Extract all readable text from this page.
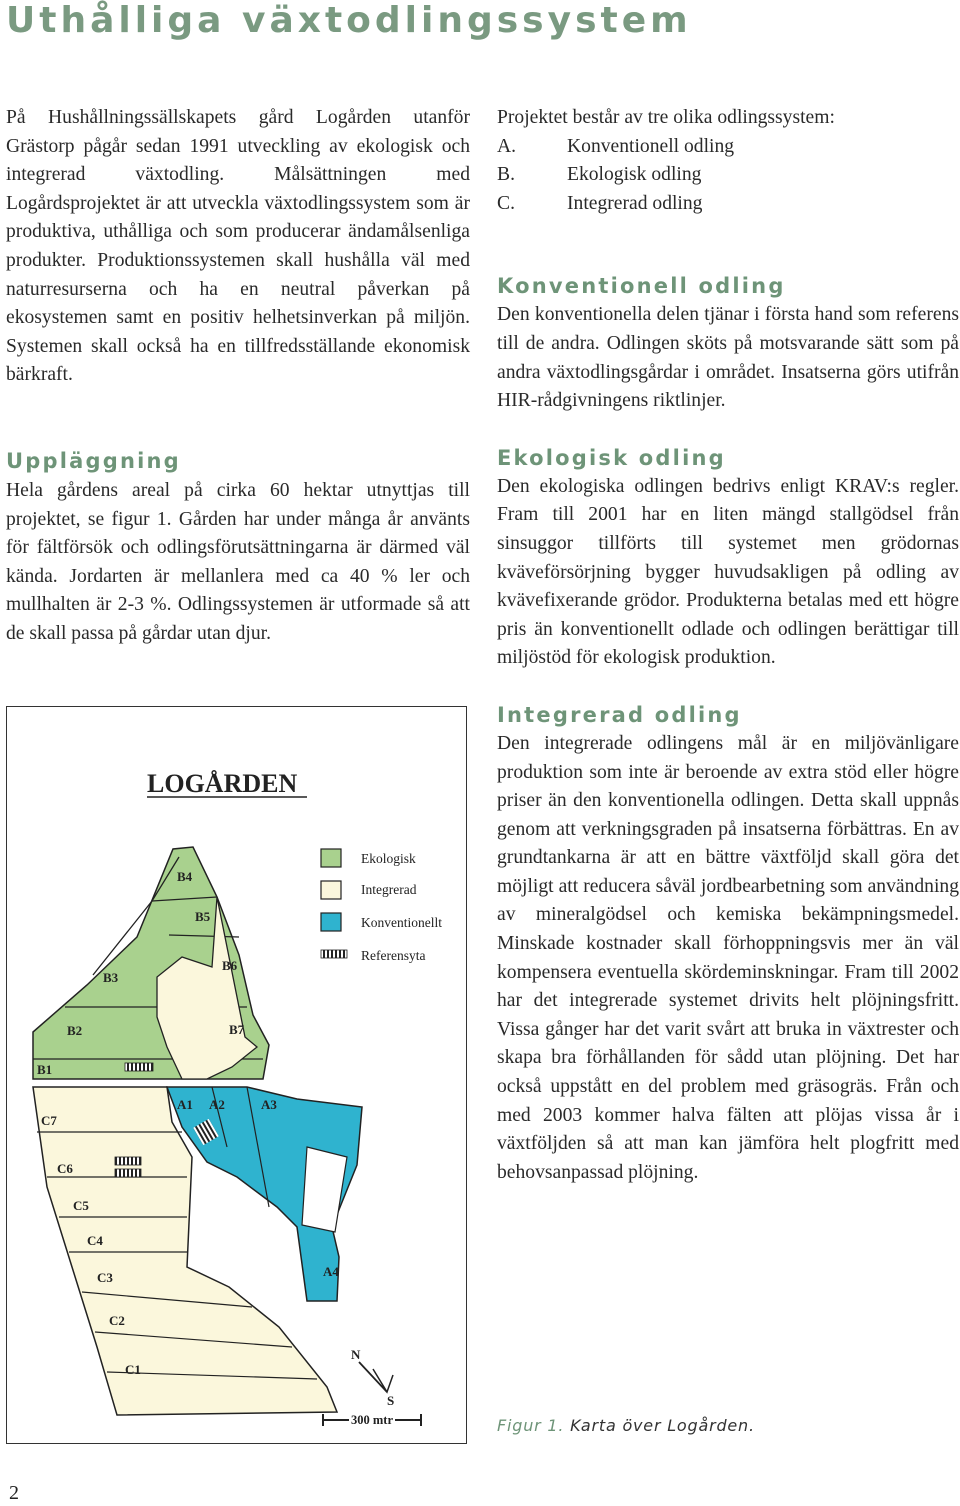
Uthålliga växtodlingssystem

På Hushållningssällskapets gård Logården utanför Grästorp pågår sedan 1991 utveckling av ekologisk och integrerad växtodling. Målsättningen med Logårdsprojektet är att utveckla växtodlingssystem som är produktiva, uthålliga och som producerar ändamålsenliga produkter. Produktionssystemen skall hushålla väl med naturresurserna och ha en neutral påverkan på ekosystemen samt en positiv helhetsinverkan på miljön. Systemen skall också ha en tillfredsställande ekonomisk bärkraft.

Uppläggning

Hela gårdens areal på cirka 60 hektar utnyttjas till projektet, se figur 1. Gården har under många år använts för fältförsök och odlingsförutsättningarna är därmed väl kända. Jordarten är mellanlera med ca 40 % ler och mullhalten är 2-3 %. Odlingssystemen är utformade så att de skall passa på gårdar utan djur.

Projektet består av tre olika odlingssystem:

A.	Konventionell odling
B.	Ekologisk odling
C.	Integrerad odling
Konventionell odling

Den konventionella delen tjänar i första hand som referens till de andra. Odlingen sköts på motsvarande sätt som på andra växtodlingsgårdar i området. Insatserna görs utifrån HIR-rådgivningens riktlinjer.

Ekologisk odling

Den ekologiska odlingen bedrivs enligt KRAV:s regler. Fram till 2001 har en liten mängd stallgödsel från sinsuggor tillförts till systemet men grödornas kväveförsörjning bygger huvudsakligen på odling av kvävefixerande grödor. Produkterna betalas med ett högre pris än konventionellt odlade och odlingen berättigar till miljöstöd för ekologisk produktion.

Integrerad odling

Den integrerade odlingens mål är en miljövänligare produktion som inte är beroende av extra stöd eller högre priser än den konventionella odlingen. Detta skall uppnås genom att verkningsgraden på insatserna förbättras. En av grundtankarna är att en bättre växtföljd skall göra det möjligt att reducera såväl jordbearbetning som användning av mineralgödsel och kemiska bekämpningsmedel. Minskade kostnader skall förhoppningsvis mer än väl kompensera eventuella skördeminskningar. Fram till 2002 har det integrerade systemet drivits helt plöjningsfritt. Vissa gånger har det varit svårt att bruka in växtrester och skapa bra förhållanden för sådd utan plöjning. Det har också uppstått en del problem med gräsogräs. Från och med 2003 kommer halva fälten att plöjas vissa år i växtföljden så att man kan jämföra helt plogfritt med behovsanpassad plöjning.

LOGÅRDEN
Ekologisk
Integrerad
Konventionellt
Referensyta
B1
B2
B3
B4
B5
B6
B7
A1 A2	A3
A4
C7
C6
C5
C4
C3
C2
C1
N
S
300 mtr	Figur 1. Karta över Logården.

2
